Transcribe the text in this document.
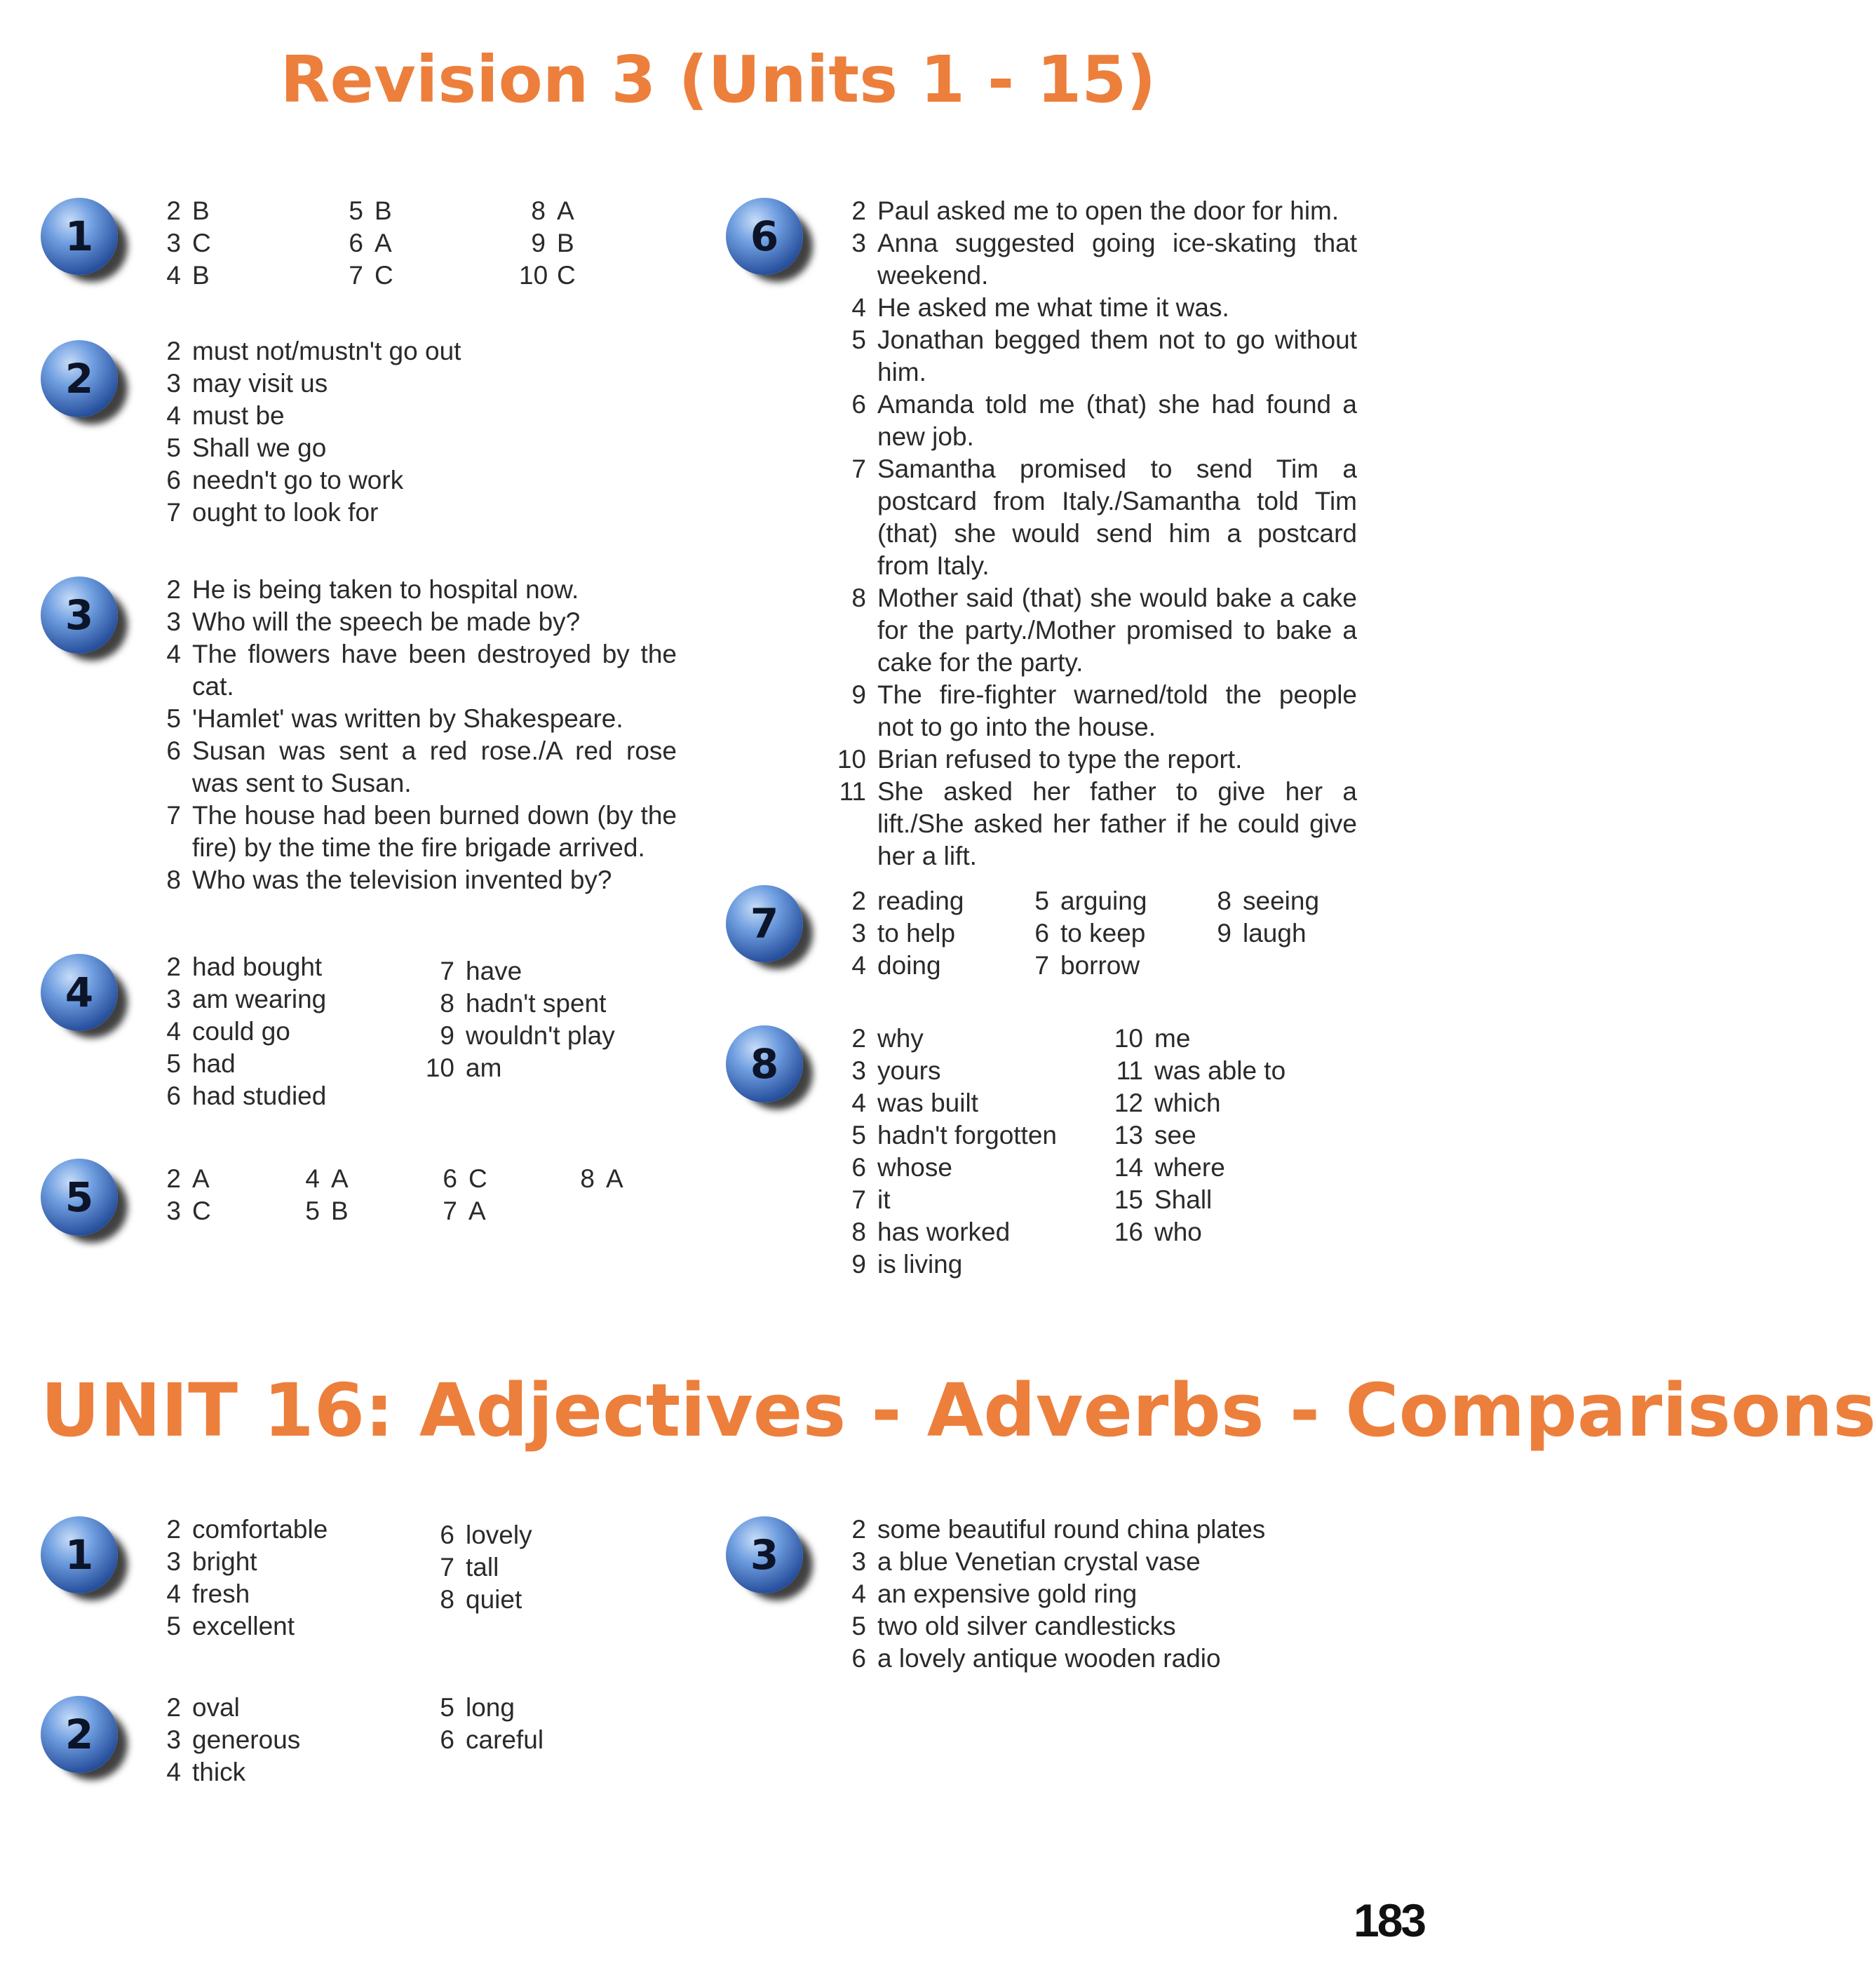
Revision 3 (Units 1 - 15)
1
2 B
3 C
4 B
5 B
6 A
7 C
8 A
9 B
10 C
2
2 must not/mustn't go out
3 may visit us
4 must be
5 Shall we go
6 needn't go to work
7 ought to look for
3
2 He is being taken to hospital now.
3 Who will the speech be made by?
4 The flowers have been destroyed by the cat.
5 'Hamlet' was written by Shakespeare.
6 Susan was sent a red rose./A red rose was sent to Susan.
7 The house had been burned down (by the fire) by the time the fire brigade arrived.
8 Who was the television invented by?
4
2 had bought
3 am wearing
4 could go
5 had
6 had studied
7 have
8 hadn't spent
9 wouldn't play
10 am
5	2 A
3 C
4 A
5 B
6 C
7 A
8 A
6
2 Paul asked me to open the door for him.
3 Anna suggested going ice-skating that weekend.
4 He asked me what time it was.
5 Jonathan begged them not to go without him.
6 Amanda told me (that) she had found a new job.
7 Samantha promised to send Tim a postcard from Italy./Samantha told Tim (that) she would send him a postcard from Italy.
8 Mother said (that) she would bake a cake for the party./Mother promised to bake a cake for the party.
9 The fire-fighter warned/told the people not to go into the house.
10 Brian refused to type the report.
11 She asked her father to give her a lift./She asked her father if he could give her a lift.
7	2 reading
3 to help
4 doing
5 arguing
6 to keep
7 borrow
8 seeing
9 laugh
8
2 why
3 yours
4 was built
5 hadn't forgotten
6 whose
7 it
8 has worked
9 is living
10 me
11 was able to
12 which
13 see
14 where
15 Shall
16 who
UNIT 16: Adjectives - Adverbs - Comparisons
1
2 comfortable
3 bright
4 fresh
5 excellent
6 lovely
7 tall
8 quiet
2
2 oval
3 generous
4 thick
5 long
6 careful
3
2 some beautiful round china plates
3 a blue Venetian crystal vase
4 an expensive gold ring
5 two old silver candlesticks
6 a lovely antique wooden radio
183
